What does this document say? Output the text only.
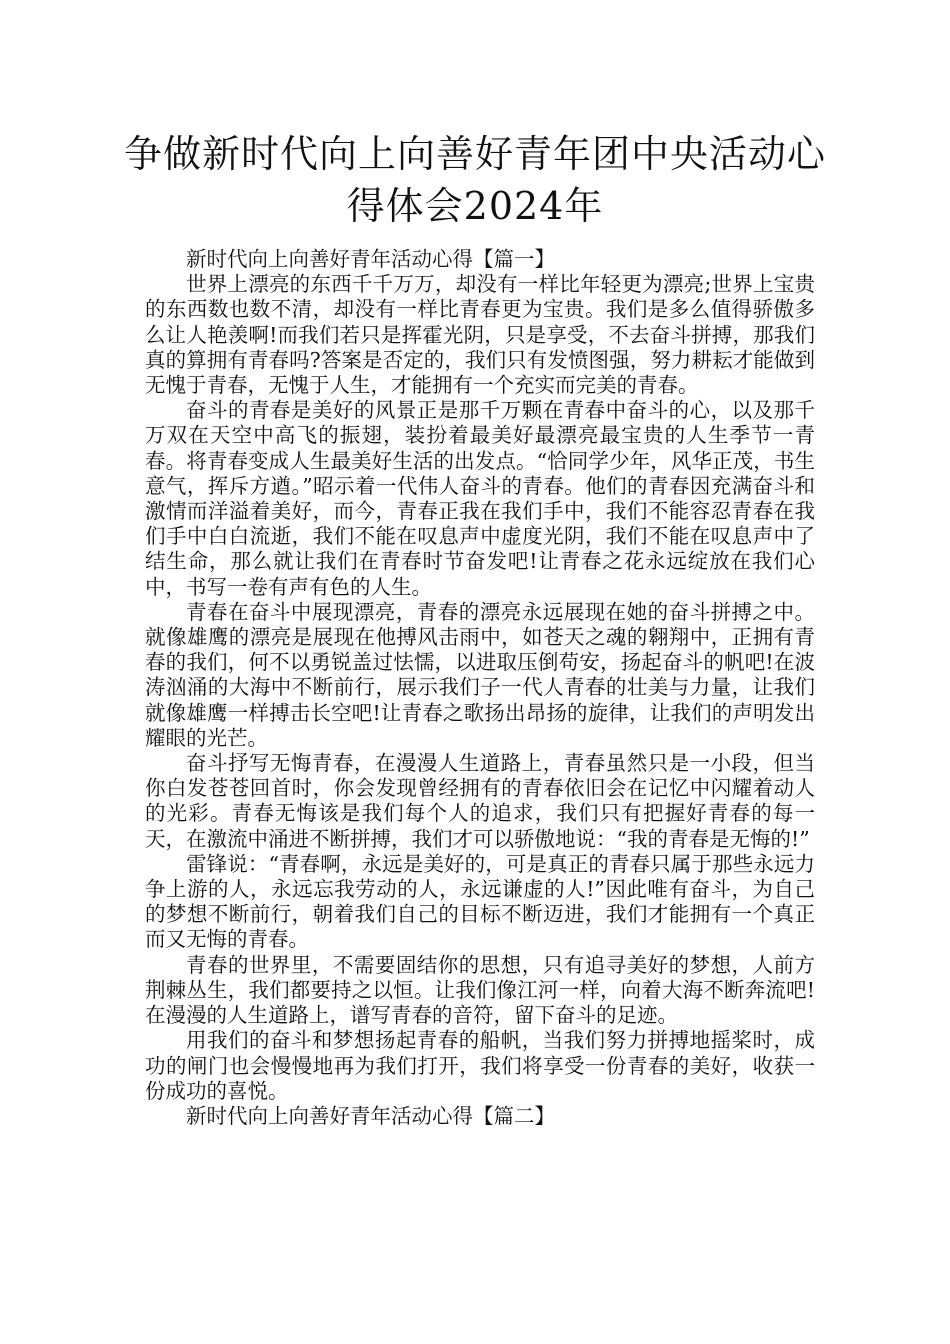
争做新时代向上向善好青年团中央活动心得体会2024年

新时代向上向善好青年活动心得【篇一】

世界上漂亮的东西千千万万，却没有一样比年轻更为漂亮;世界上宝贵的东西数也数不清，却没有一样比青春更为宝贵。我们是多么值得骄傲多么让人艳羡啊!而我们若只是挥霍光阴，只是享受，不去奋斗拼搏，那我们真的算拥有青春吗?答案是否定的，我们只有发愤图强，努力耕耘才能做到无愧于青春，无愧于人生，才能拥有一个充实而完美的青春。

奋斗的青春是美好的风景正是那千万颗在青春中奋斗的心，以及那千万双在天空中高飞的振翅，装扮着最美好最漂亮最宝贵的人生季节一青春。将青春变成人生最美好生活的出发点。“恰同学少年，风华正茂，书生意气，挥斥方遒。”昭示着一代伟人奋斗的青春。他们的青春因充满奋斗和激情而洋溢着美好，而今，青春正我在我们手中，我们不能容忍青春在我们手中白白流逝，我们不能在叹息声中虚度光阴，我们不能在叹息声中了结生命，那么就让我们在青春时节奋发吧!让青春之花永远绽放在我们心中，书写一卷有声有色的人生。

青春在奋斗中展现漂亮，青春的漂亮永远展现在她的奋斗拼搏之中。就像雄鹰的漂亮是展现在他搏风击雨中，如苍天之魂的翱翔中，正拥有青春的我们，何不以勇锐盖过怯懦，以进取压倒苟安，扬起奋斗的帆吧!在波涛汹涌的大海中不断前行，展示我们子一代人青春的壮美与力量，让我们就像雄鹰一样搏击长空吧!让青春之歌扬出昂扬的旋律，让我们的声明发出耀眼的光芒。

奋斗抒写无悔青春，在漫漫人生道路上，青春虽然只是一小段，但当你白发苍苍回首时，你会发现曾经拥有的青春依旧会在记忆中闪耀着动人的光彩。青春无悔该是我们每个人的追求，我们只有把握好青春的每一天，在激流中涌进不断拼搏，我们才可以骄傲地说：“我的青春是无悔的!”

雷锋说：“青春啊，永远是美好的，可是真正的青春只属于那些永远力争上游的人，永远忘我劳动的人，永远谦虚的人!”因此唯有奋斗，为自己的梦想不断前行，朝着我们自己的目标不断迈进，我们才能拥有一个真正而又无悔的青春。

青春的世界里，不需要固结你的思想，只有追寻美好的梦想，人前方荆棘丛生，我们都要持之以恒。让我们像江河一样，向着大海不断奔流吧!在漫漫的人生道路上，谱写青春的音符，留下奋斗的足迹。

用我们的奋斗和梦想扬起青春的船帆，当我们努力拼搏地摇桨时，成功的闸门也会慢慢地再为我们打开，我们将享受一份青春的美好，收获一份成功的喜悦。

新时代向上向善好青年活动心得【篇二】
